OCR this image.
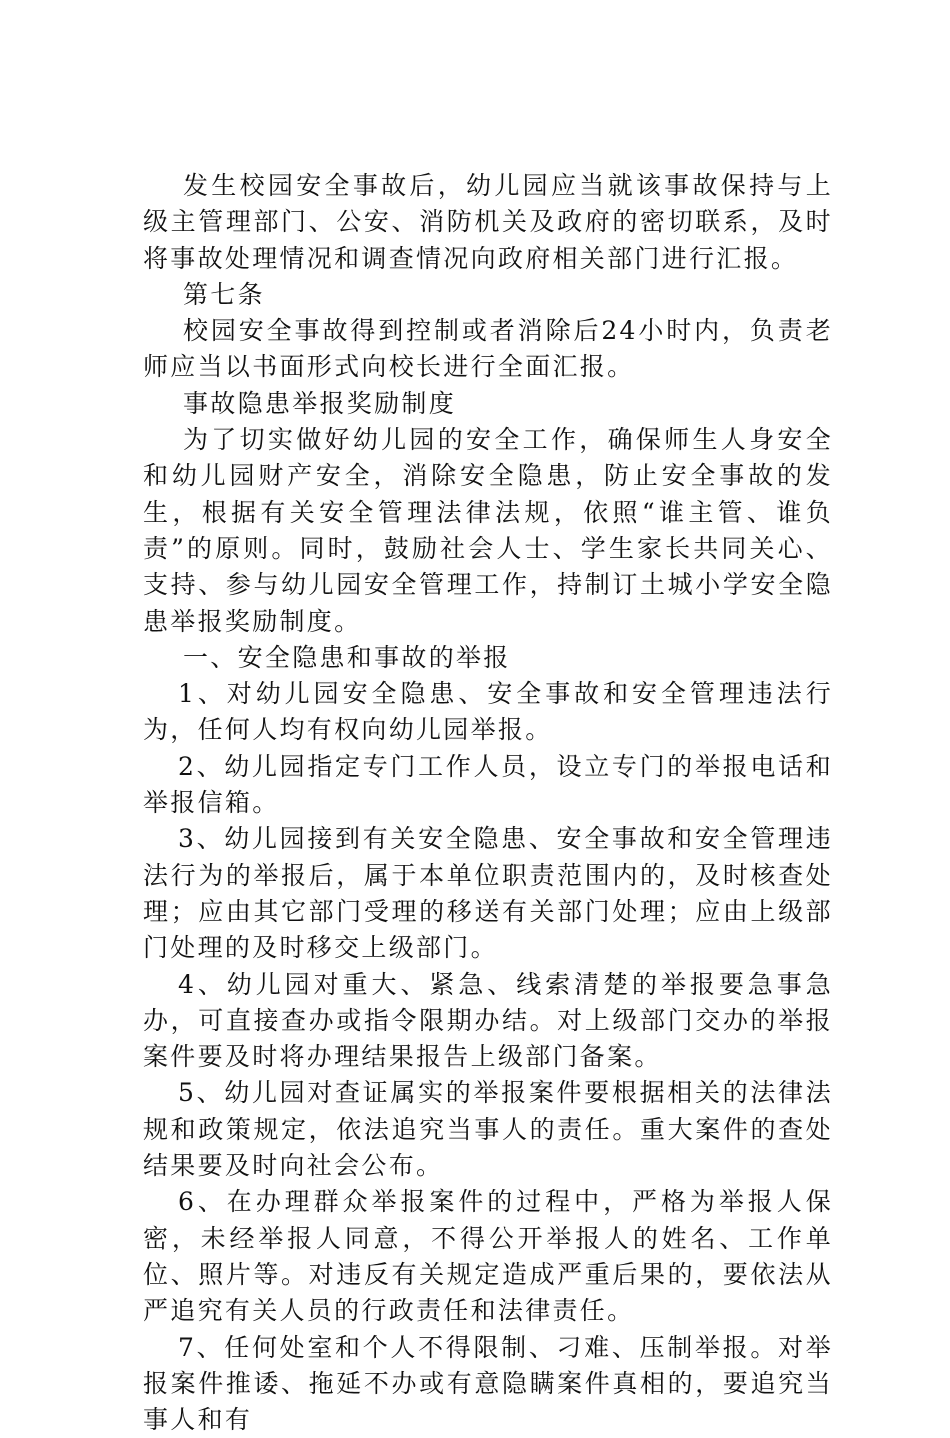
发生校园安全事故后，幼儿园应当就该事故保持与上级主管理部门、公安、消防机关及政府的密切联系，及时将事故处理情况和调查情况向政府相关部门进行汇报。

第七条

校园安全事故得到控制或者消除后24小时内，负责老师应当以书面形式向校长进行全面汇报。

事故隐患举报奖励制度

为了切实做好幼儿园的安全工作，确保师生人身安全和幼儿园财产安全，消除安全隐患，防止安全事故的发生，根据有关安全管理法律法规，依照“谁主管、谁负责”的原则。同时，鼓励社会人士、学生家长共同关心、支持、参与幼儿园安全管理工作，持制订土城小学安全隐患举报奖励制度。

一、安全隐患和事故的举报

1、对幼儿园安全隐患、安全事故和安全管理违法行为，任何人均有权向幼儿园举报。

2、幼儿园指定专门工作人员，设立专门的举报电话和举报信箱。

3、幼儿园接到有关安全隐患、安全事故和安全管理违法行为的举报后，属于本单位职责范围内的，及时核查处理；应由其它部门受理的移送有关部门处理；应由上级部门处理的及时移交上级部门。

4、幼儿园对重大、紧急、线索清楚的举报要急事急办，可直接查办或指令限期办结。对上级部门交办的举报案件要及时将办理结果报告上级部门备案。

5、幼儿园对查证属实的举报案件要根据相关的法律法规和政策规定，依法追究当事人的责任。重大案件的查处结果要及时向社会公布。

6、在办理群众举报案件的过程中，严格为举报人保密，未经举报人同意，不得公开举报人的姓名、工作单位、照片等。对违反有关规定造成严重后果的，要依法从严追究有关人员的行政责任和法律责任。

7、任何处室和个人不得限制、刁难、压制举报。对举报案件推诿、拖延不办或有意隐瞒案件真相的，要追究当事人和有
